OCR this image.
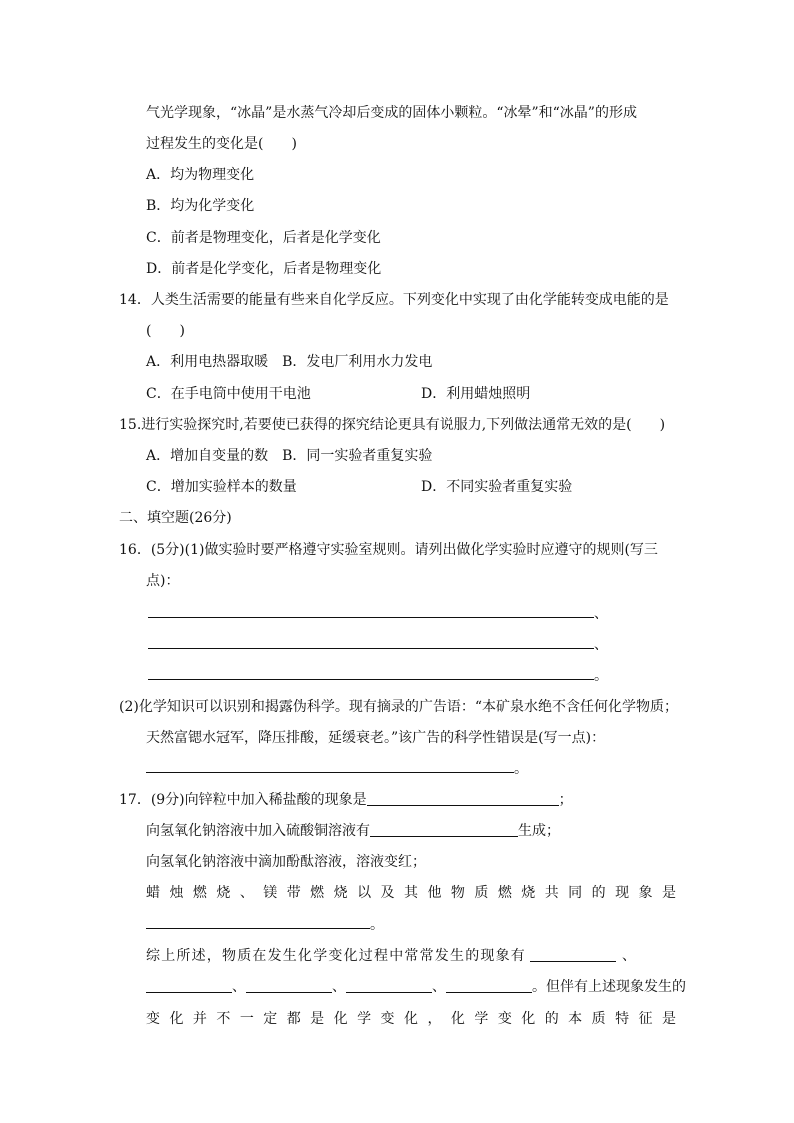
气光学现象，“冰晶”是水蒸气冷却后变成的固体小颗粒。“冰晕”和“冰晶”的形成
过程发生的变化是(　　)
A．均为物理变化
B．均为化学变化
C．前者是物理变化，后者是化学变化
D．前者是化学变化，后者是物理变化
14．人类生活需要的能量有些来自化学反应。下列变化中实现了由化学能转变成电能的是
(　　)
A．利用电热器取暖　B．发电厂利用水力发电
C．在手电筒中使用干电池	D．利用蜡烛照明
15.进行实验探究时,若要使已获得的探究结论更具有说服力,下列做法通常无效的是(　　)
A．增加自变量的数　B．同一实验者重复实验
C．增加实验样本的数量	D．不同实验者重复实验
二、填空题(26分)
16．(5分)(1)做实验时要严格遵守实验室规则。请列出做化学实验时应遵守的规则(写三
点)：
、
、
。
(2)化学知识可以识别和揭露伪科学。现有摘录的广告语：“本矿泉水绝不含任何化学物质；
天然富锶水冠军，降压排酸，延缓衰老。”该广告的科学性错误是(写一点)：
。
17．(9分)向锌粒中加入稀盐酸的现象是	；
向氢氧化钠溶液中加入硫酸铜溶液有	生成；
向氢氧化钠溶液中滴加酚酞溶液，溶液变红；
蜡烛燃烧、镁带燃烧以及其他物质燃烧共同的现象是
。
综上所述，物质在发生化学变化过程中常常发生的现象有	、
、	、	、	。但伴有上述现象发生的
变化并不一定都是化学变化，化学变化的本质特征是
